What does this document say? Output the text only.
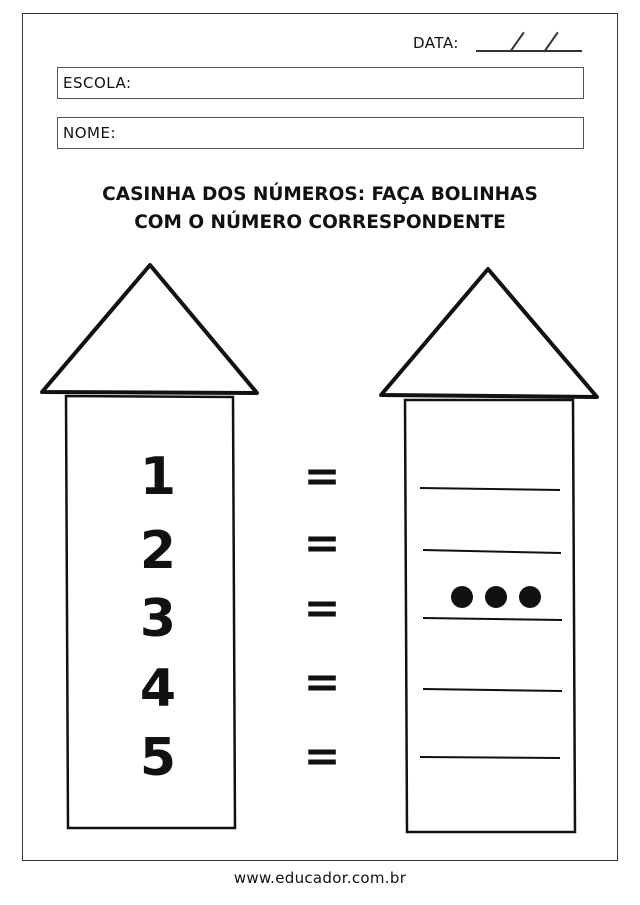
DATA:
ESCOLA:
NOME:
CASINHA DOS NÚMEROS: FAÇA BOLINHAS
COM O NÚMERO CORRESPONDENTE
1
2
3
4
5
=
=
=
=
=
www.educador.com.br
